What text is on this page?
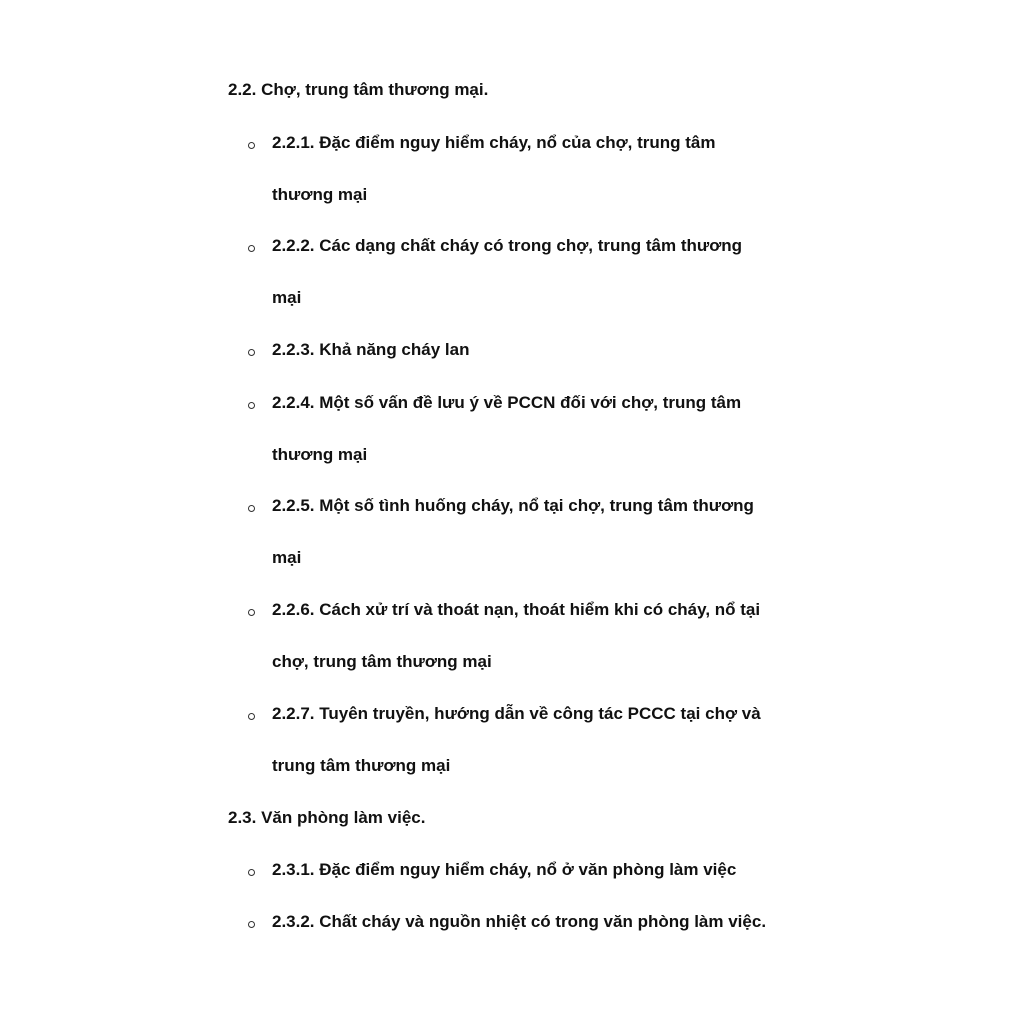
2.2. Chợ, trung tâm thương mại.
2.2.1. Đặc điểm nguy hiểm cháy, nổ của chợ, trung tâm
thương mại
2.2.2. Các dạng chất cháy có trong chợ, trung tâm thương
mại
2.2.3. Khả năng cháy lan
2.2.4. Một số vấn đề lưu ý về PCCN đối với chợ, trung tâm
thương mại
2.2.5. Một số tình huống cháy, nổ tại chợ, trung tâm thương
mại
2.2.6. Cách xử trí và thoát nạn, thoát hiểm khi có cháy, nổ tại
chợ, trung tâm thương mại
2.2.7. Tuyên truyền, hướng dẫn về công tác PCCC tại chợ và
trung tâm thương mại
2.3. Văn phòng làm việc.
2.3.1. Đặc điểm nguy hiểm cháy, nổ ở văn phòng làm việc
2.3.2. Chất cháy và nguồn nhiệt có trong văn phòng làm việc.
